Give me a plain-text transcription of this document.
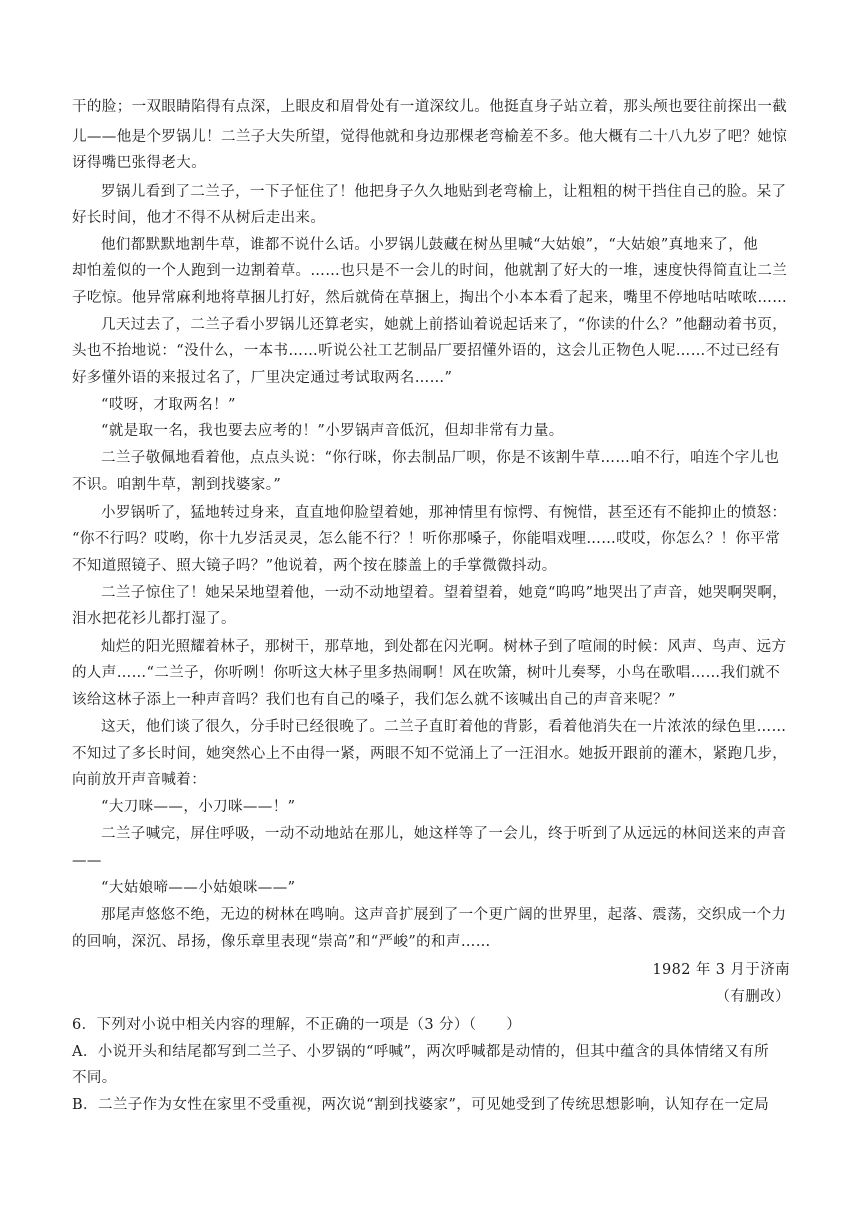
干的脸；一双眼睛陷得有点深，上眼皮和眉骨处有一道深纹儿。他挺直身子站立着，那头颅也要往前探出一截
儿——他是个罗锅儿！二兰子大失所望，觉得他就和身边那棵老弯榆差不多。他大概有二十八九岁了吧？她惊
讶得嘴巴张得老大。
罗锅儿看到了二兰子，一下子怔住了！他把身子久久地贴到老弯榆上，让粗粗的树干挡住自己的脸。呆了
好长时间，他才不得不从树后走出来。
他们都默默地割牛草，谁都不说什么话。小罗锅儿鼓藏在树丛里喊“大姑娘”，“大姑娘”真地来了，他
却怕羞似的一个人跑到一边割着草。……也只是不一会儿的时间，他就割了好大的一堆，速度快得简直让二兰
子吃惊。他异常麻利地将草捆儿打好，然后就倚在草捆上，掏出个小本本看了起来，嘴里不停地咕咕哝哝……
几天过去了，二兰子看小罗锅儿还算老实，她就上前搭讪着说起话来了，“你读的什么？”他翻动着书页，
头也不抬地说：“没什么，一本书……听说公社工艺制品厂要招懂外语的，这会儿正物色人呢……不过已经有
好多懂外语的来报过名了，厂里决定通过考试取两名……”
“哎呀，才取两名！”
“就是取一名，我也要去应考的！”小罗锅声音低沉，但却非常有力量。
二兰子敬佩地看着他，点点头说：“你行咪，你去制品厂呗，你是不该割牛草……咱不行，咱连个字儿也
不识。咱割牛草，割到找婆家。”
小罗锅听了，猛地转过身来，直直地仰脸望着她，那神情里有惊愕、有惋惜，甚至还有不能抑止的愤怒：
“你不行吗？哎哟，你十九岁活灵灵，怎么能不行？！听你那嗓子，你能唱戏哩……哎哎，你怎么？！你平常
不知道照镜子、照大镜子吗？”他说着，两个按在膝盖上的手掌微微抖动。
二兰子惊住了！她呆呆地望着他，一动不动地望着。望着望着，她竟“呜呜”地哭出了声音，她哭啊哭啊，
泪水把花衫儿都打湿了。
灿烂的阳光照耀着林子，那树干，那草地，到处都在闪光啊。树林子到了喧闹的时候：风声、鸟声、远方
的人声……“二兰子，你听咧！你听这大林子里多热闹啊！风在吹箫，树叶儿奏琴，小鸟在歌唱……我们就不
该给这林子添上一种声音吗？我们也有自己的嗓子，我们怎么就不该喊出自己的声音来呢？”
这天，他们谈了很久，分手时已经很晚了。二兰子直盯着他的背影，看着他消失在一片浓浓的绿色里……
不知过了多长时间，她突然心上不由得一紧，两眼不知不觉涌上了一汪泪水。她扳开跟前的灌木，紧跑几步，
向前放开声音喊着：
“大刀咪——，小刀咪——！”
二兰子喊完，屏住呼吸，一动不动地站在那儿，她这样等了一会儿，终于听到了从远远的林间送来的声音
——
“大姑娘啼——小姑娘咪——”
那尾声悠悠不绝，无边的树林在鸣响。这声音扩展到了一个更广阔的世界里，起落、震荡，交织成一个力
的回响，深沉、昂扬，像乐章里表现“崇高”和“严峻”的和声……
1982 年 3 月于济南
（有删改）
6．下列对小说中相关内容的理解，不正确的一项是（3 分）（　　）
A．小说开头和结尾都写到二兰子、小罗锅的“呼喊”，两次呼喊都是动情的，但其中蕴含的具体情绪又有所
不同。
B．二兰子作为女性在家里不受重视，两次说“割到找婆家”，可见她受到了传统思想影响，认知存在一定局
